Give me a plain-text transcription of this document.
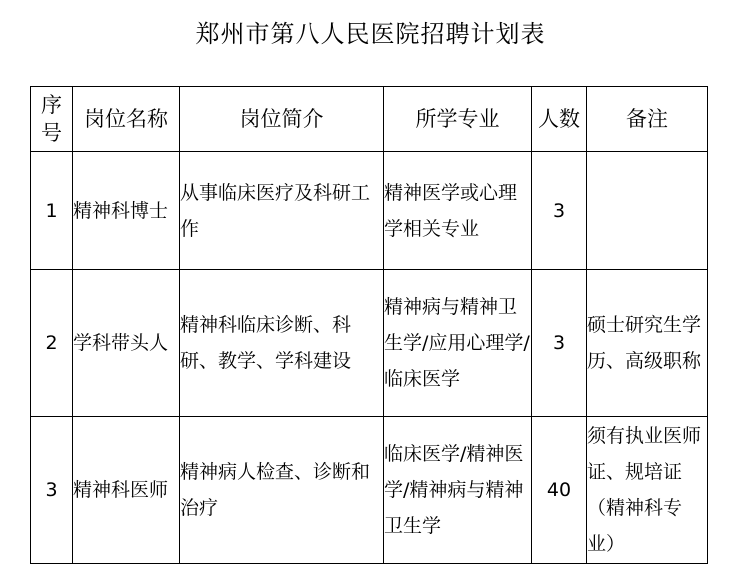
郑州市第八人民医院招聘计划表
序号	岗位名称	岗位简介	所学专业	人数	备注
1	精神科博士	从事临床医疗及科研工作	精神医学或心理学相关专业	3	
2	学科带头人	精神科临床诊断、科研、教学、学科建设	精神病与精神卫生学/应用心理学/临床医学	3	硕士研究生学历、高级职称
3	精神科医师	精神病人检查、诊断和治疗	临床医学/精神医学/精神病与精神卫生学	40	须有执业医师证、规培证（精神科专业）
